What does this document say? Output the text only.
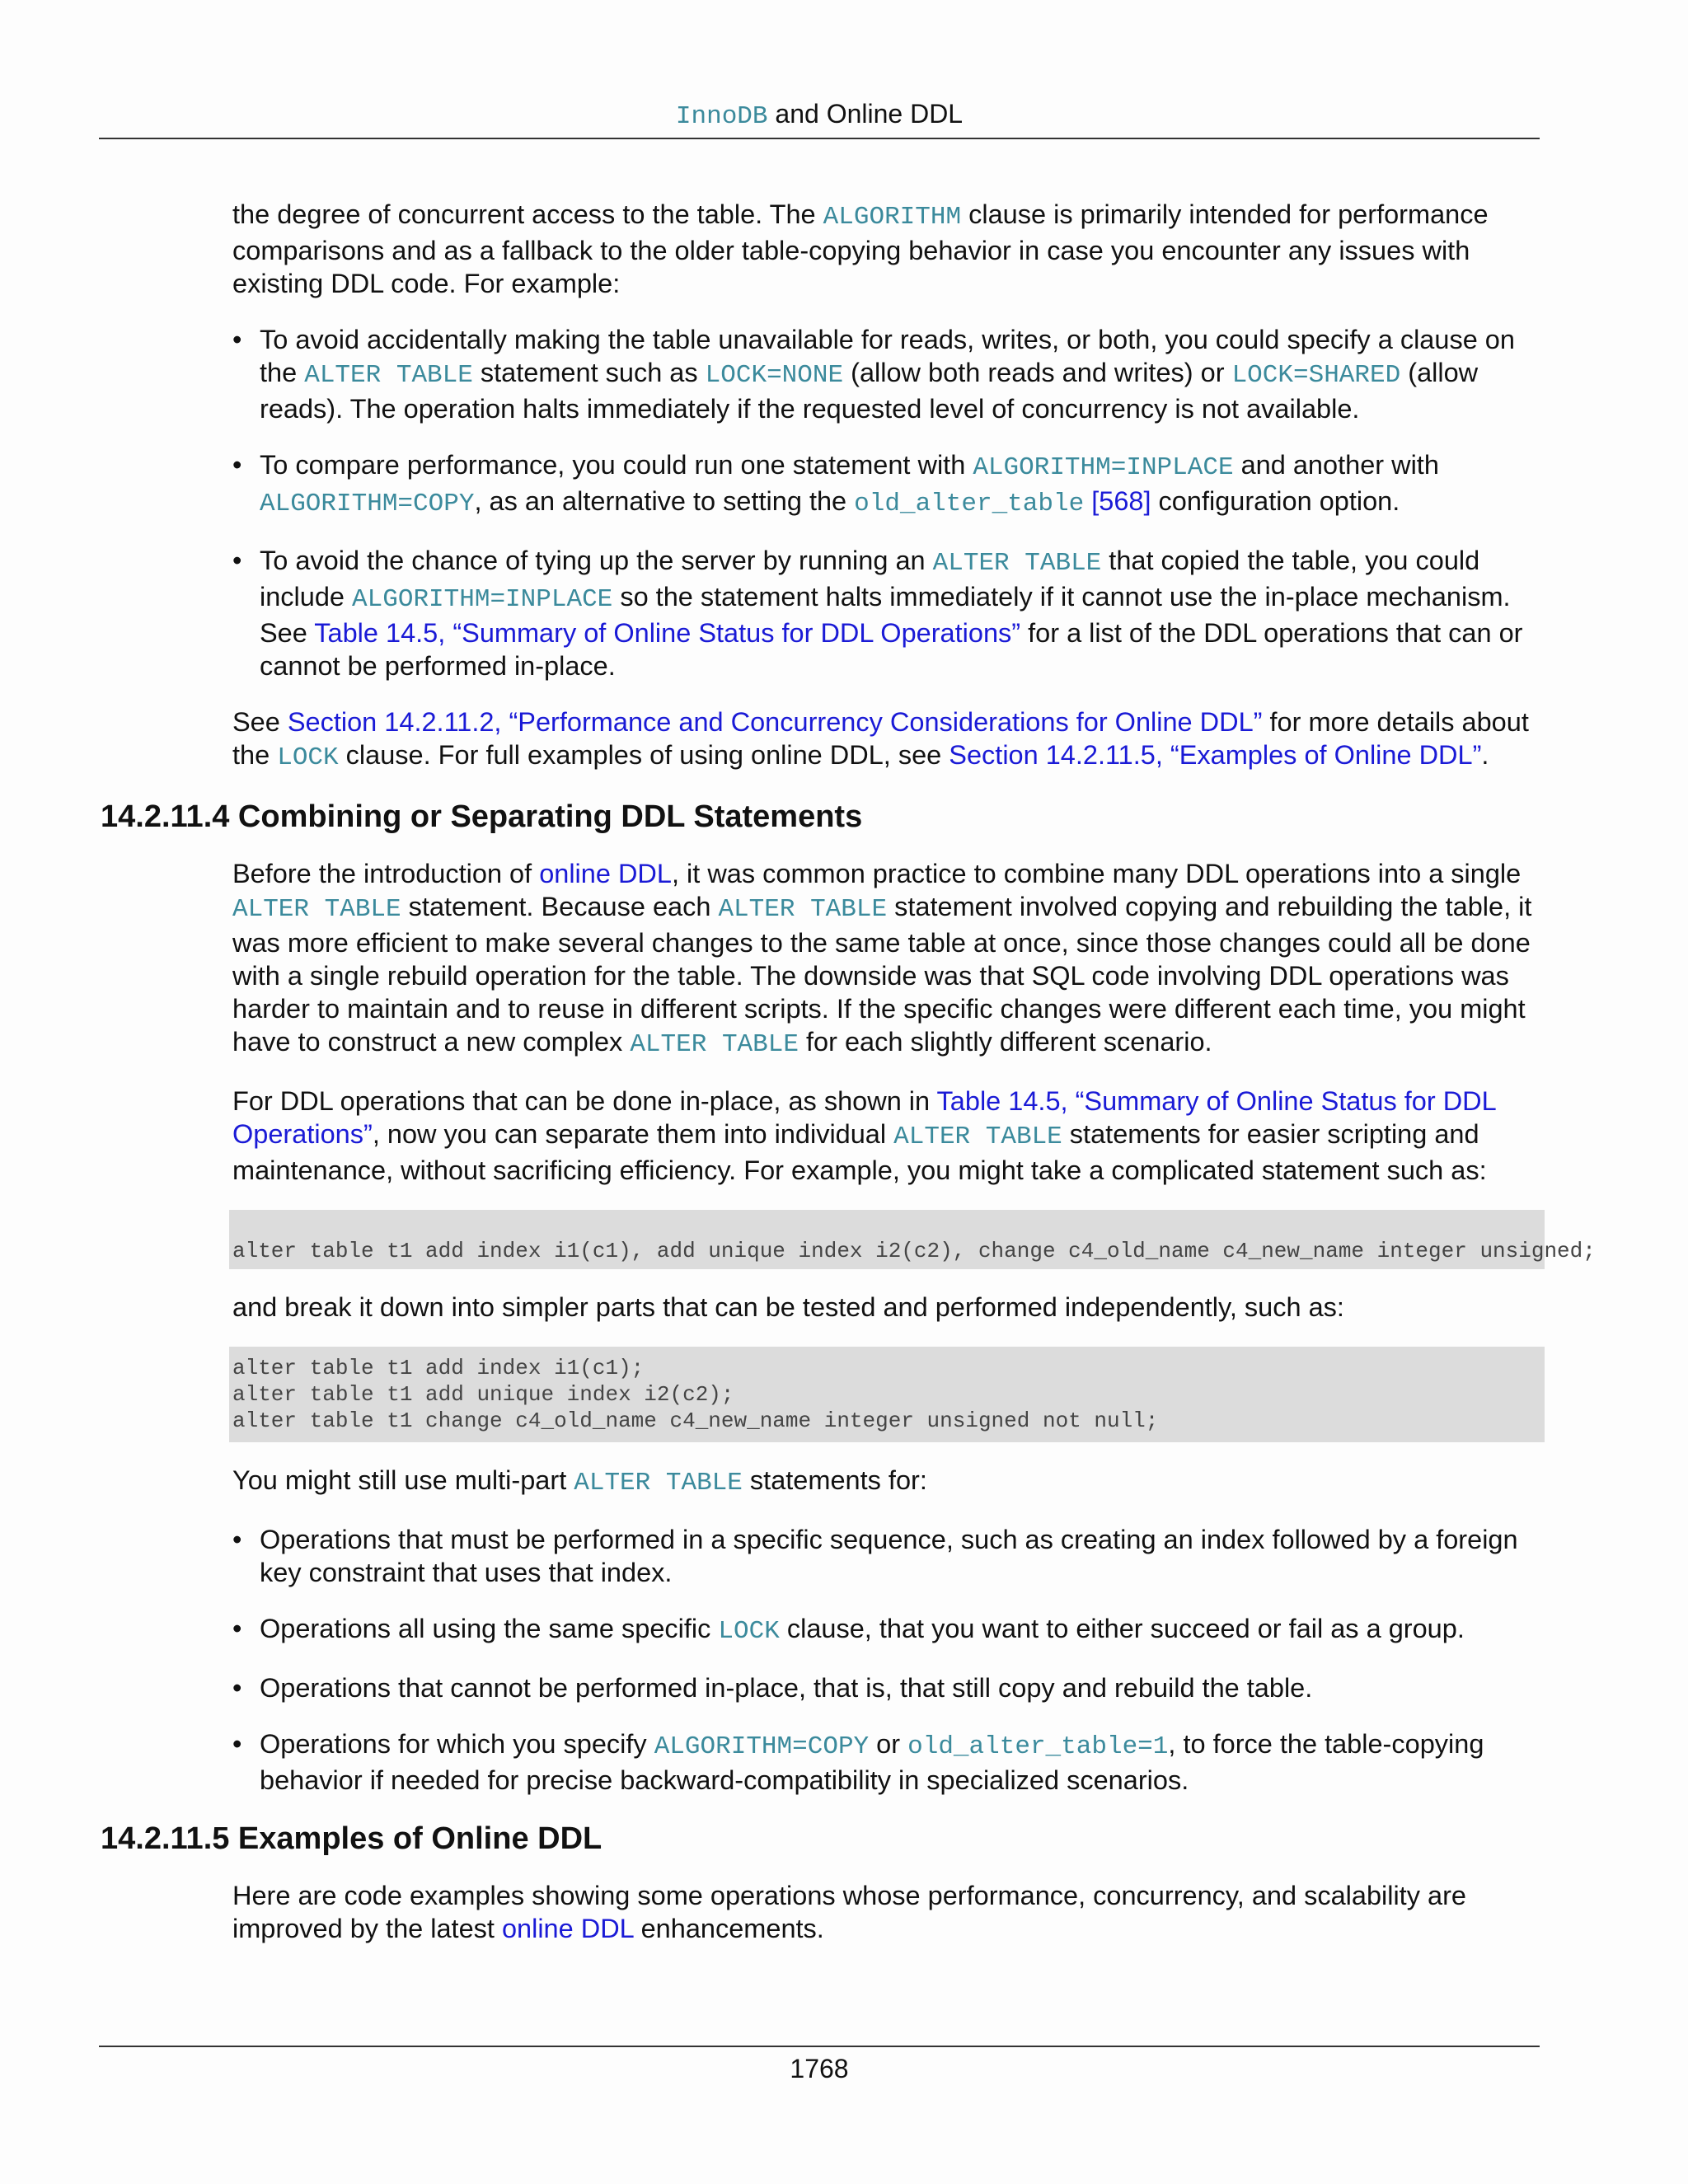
InnoDB and Online DDL

the degree of concurrent access to the table. The ALGORITHM clause is primarily intended for performance comparisons and as a fallback to the older table-copying behavior in case you encounter any issues with existing DDL code. For example:

• To avoid accidentally making the table unavailable for reads, writes, or both, you could specify a clause on the ALTER TABLE statement such as LOCK=NONE (allow both reads and writes) or LOCK=SHARED (allow reads). The operation halts immediately if the requested level of concurrency is not available.
• To compare performance, you could run one statement with ALGORITHM=INPLACE and another with ALGORITHM=COPY, as an alternative to setting the old_alter_table [568] configuration option.
• To avoid the chance of tying up the server by running an ALTER TABLE that copied the table, you could include ALGORITHM=INPLACE so the statement halts immediately if it cannot use the in-place mechanism. See Table 14.5, “Summary of Online Status for DDL Operations” for a list of the DDL operations that can or cannot be performed in-place.

See Section 14.2.11.2, “Performance and Concurrency Considerations for Online DDL” for more details about the LOCK clause. For full examples of using online DDL, see Section 14.2.11.5, “Examples of Online DDL”.

14.2.11.4 Combining or Separating DDL Statements

Before the introduction of online DDL, it was common practice to combine many DDL operations into a single ALTER TABLE statement. Because each ALTER TABLE statement involved copying and rebuilding the table, it was more efficient to make several changes to the same table at once, since those changes could all be done with a single rebuild operation for the table. The downside was that SQL code involving DDL operations was harder to maintain and to reuse in different scripts. If the specific changes were different each time, you might have to construct a new complex ALTER TABLE for each slightly different scenario.

For DDL operations that can be done in-place, as shown in Table 14.5, “Summary of Online Status for DDL Operations”, now you can separate them into individual ALTER TABLE statements for easier scripting and maintenance, without sacrificing efficiency. For example, you might take a complicated statement such as:

alter table t1 add index i1(c1), add unique index i2(c2), change c4_old_name c4_new_name integer unsigned;

and break it down into simpler parts that can be tested and performed independently, such as:

alter table t1 add index i1(c1);
alter table t1 add unique index i2(c2);
alter table t1 change c4_old_name c4_new_name integer unsigned not null;

You might still use multi-part ALTER TABLE statements for:

• Operations that must be performed in a specific sequence, such as creating an index followed by a foreign key constraint that uses that index.
• Operations all using the same specific LOCK clause, that you want to either succeed or fail as a group.
• Operations that cannot be performed in-place, that is, that still copy and rebuild the table.
• Operations for which you specify ALGORITHM=COPY or old_alter_table=1, to force the table-copying behavior if needed for precise backward-compatibility in specialized scenarios.
14.2.11.5 Examples of Online DDL

Here are code examples showing some operations whose performance, concurrency, and scalability are improved by the latest online DDL enhancements.

1768
